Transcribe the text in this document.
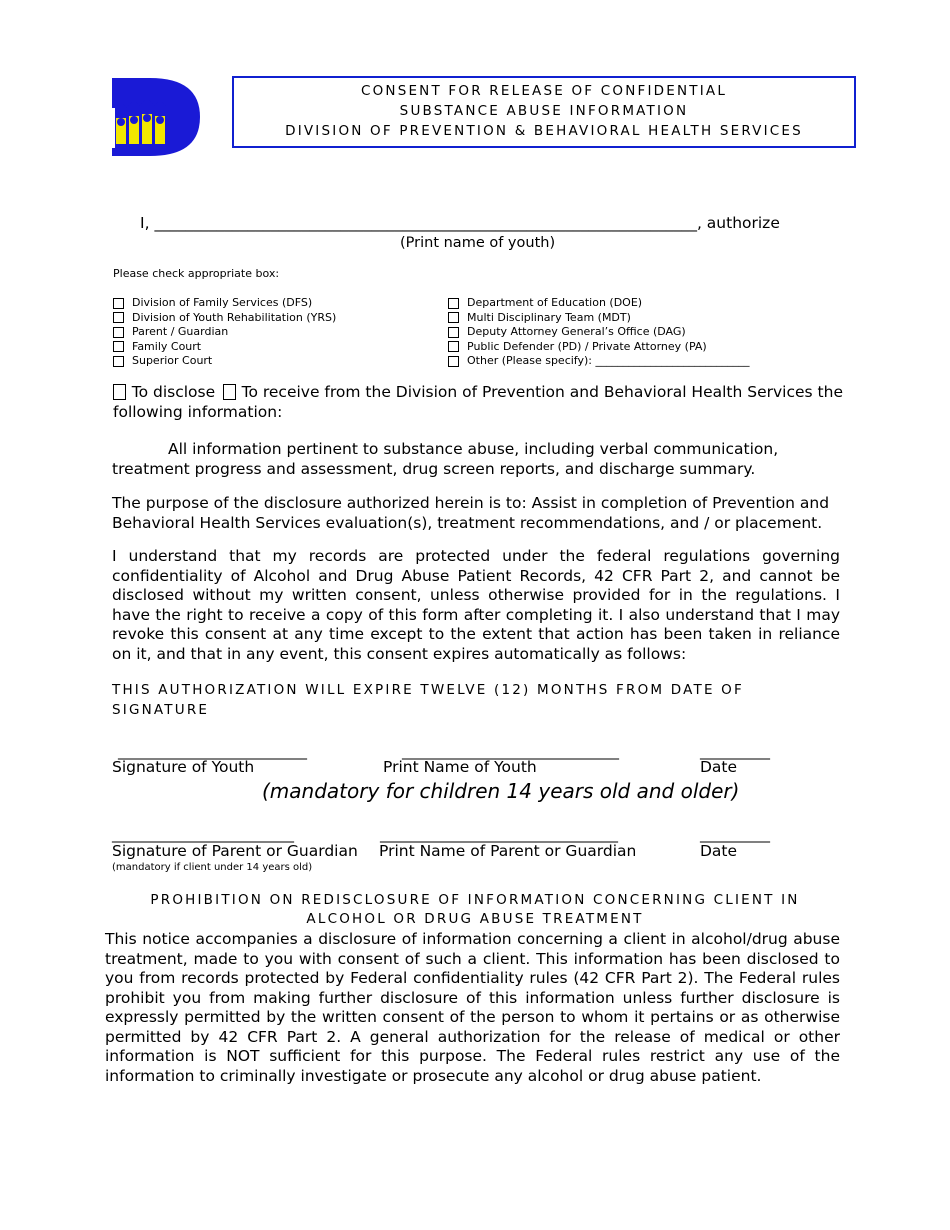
CONSENT FOR RELEASE OF CONFIDENTIAL
SUBSTANCE ABUSE INFORMATION
DIVISION OF PREVENTION & BEHAVIORAL HEALTH SERVICES
I, ______________________________________________________________________, authorize
(Print name of youth)
Please check appropriate box:
Division of Family Services (DFS)
Division of Youth Rehabilitation (YRS)
Parent / Guardian
Family Court
Superior Court
Department of Education (DOE)
Multi Disciplinary Team (MDT)
Deputy Attorney General’s Office (DAG)
Public Defender (PD) / Private Attorney (PA)
Other (Please specify): ____________________________
To disclose To receive from the Division of Prevention and Behavioral Health Services the
following information:
All information pertinent to substance abuse, including verbal communication, treatment progress and assessment, drug screen reports, and discharge summary.
The purpose of the disclosure authorized herein is to: Assist in completion of Prevention and Behavioral Health Services evaluation(s), treatment recommendations, and / or placement.
I understand that my records are protected under the federal regulations governing confidentiality of Alcohol and Drug Abuse Patient Records, 42 CFR Part 2, and cannot be disclosed without my written consent, unless otherwise provided for in the regulations. I have the right to receive a copy of this form after completing it. I also understand that I may revoke this consent at any time except to the extent that action has been taken in reliance on it, and that in any event, this consent expires automatically as follows:
THIS AUTHORIZATION WILL EXPIRE TWELVE (12) MONTHS FROM DATE OF SIGNATURE
___________________________	_______________________________	__________
Signature of Youth	Print Name of Youth	Date
(mandatory for children 14 years old and older)
__________________________	__________________________________	__________
Signature of Parent or Guardian Print Name of Parent or Guardian	Date
(mandatory if client under 14 years old)
PROHIBITION ON REDISCLOSURE OF INFORMATION CONCERNING CLIENT IN
ALCOHOL OR DRUG ABUSE TREATMENT
This notice accompanies a disclosure of information concerning a client in alcohol/drug abuse treatment, made to you with consent of such a client. This information has been disclosed to you from records protected by Federal confidentiality rules (42 CFR Part 2). The Federal rules prohibit you from making further disclosure of this information unless further disclosure is expressly permitted by the written consent of the person to whom it pertains or as otherwise permitted by 42 CFR Part 2. A general authorization for the release of medical or other information is NOT sufficient for this purpose. The Federal rules restrict any use of the information to criminally investigate or prosecute any alcohol or drug abuse patient.
